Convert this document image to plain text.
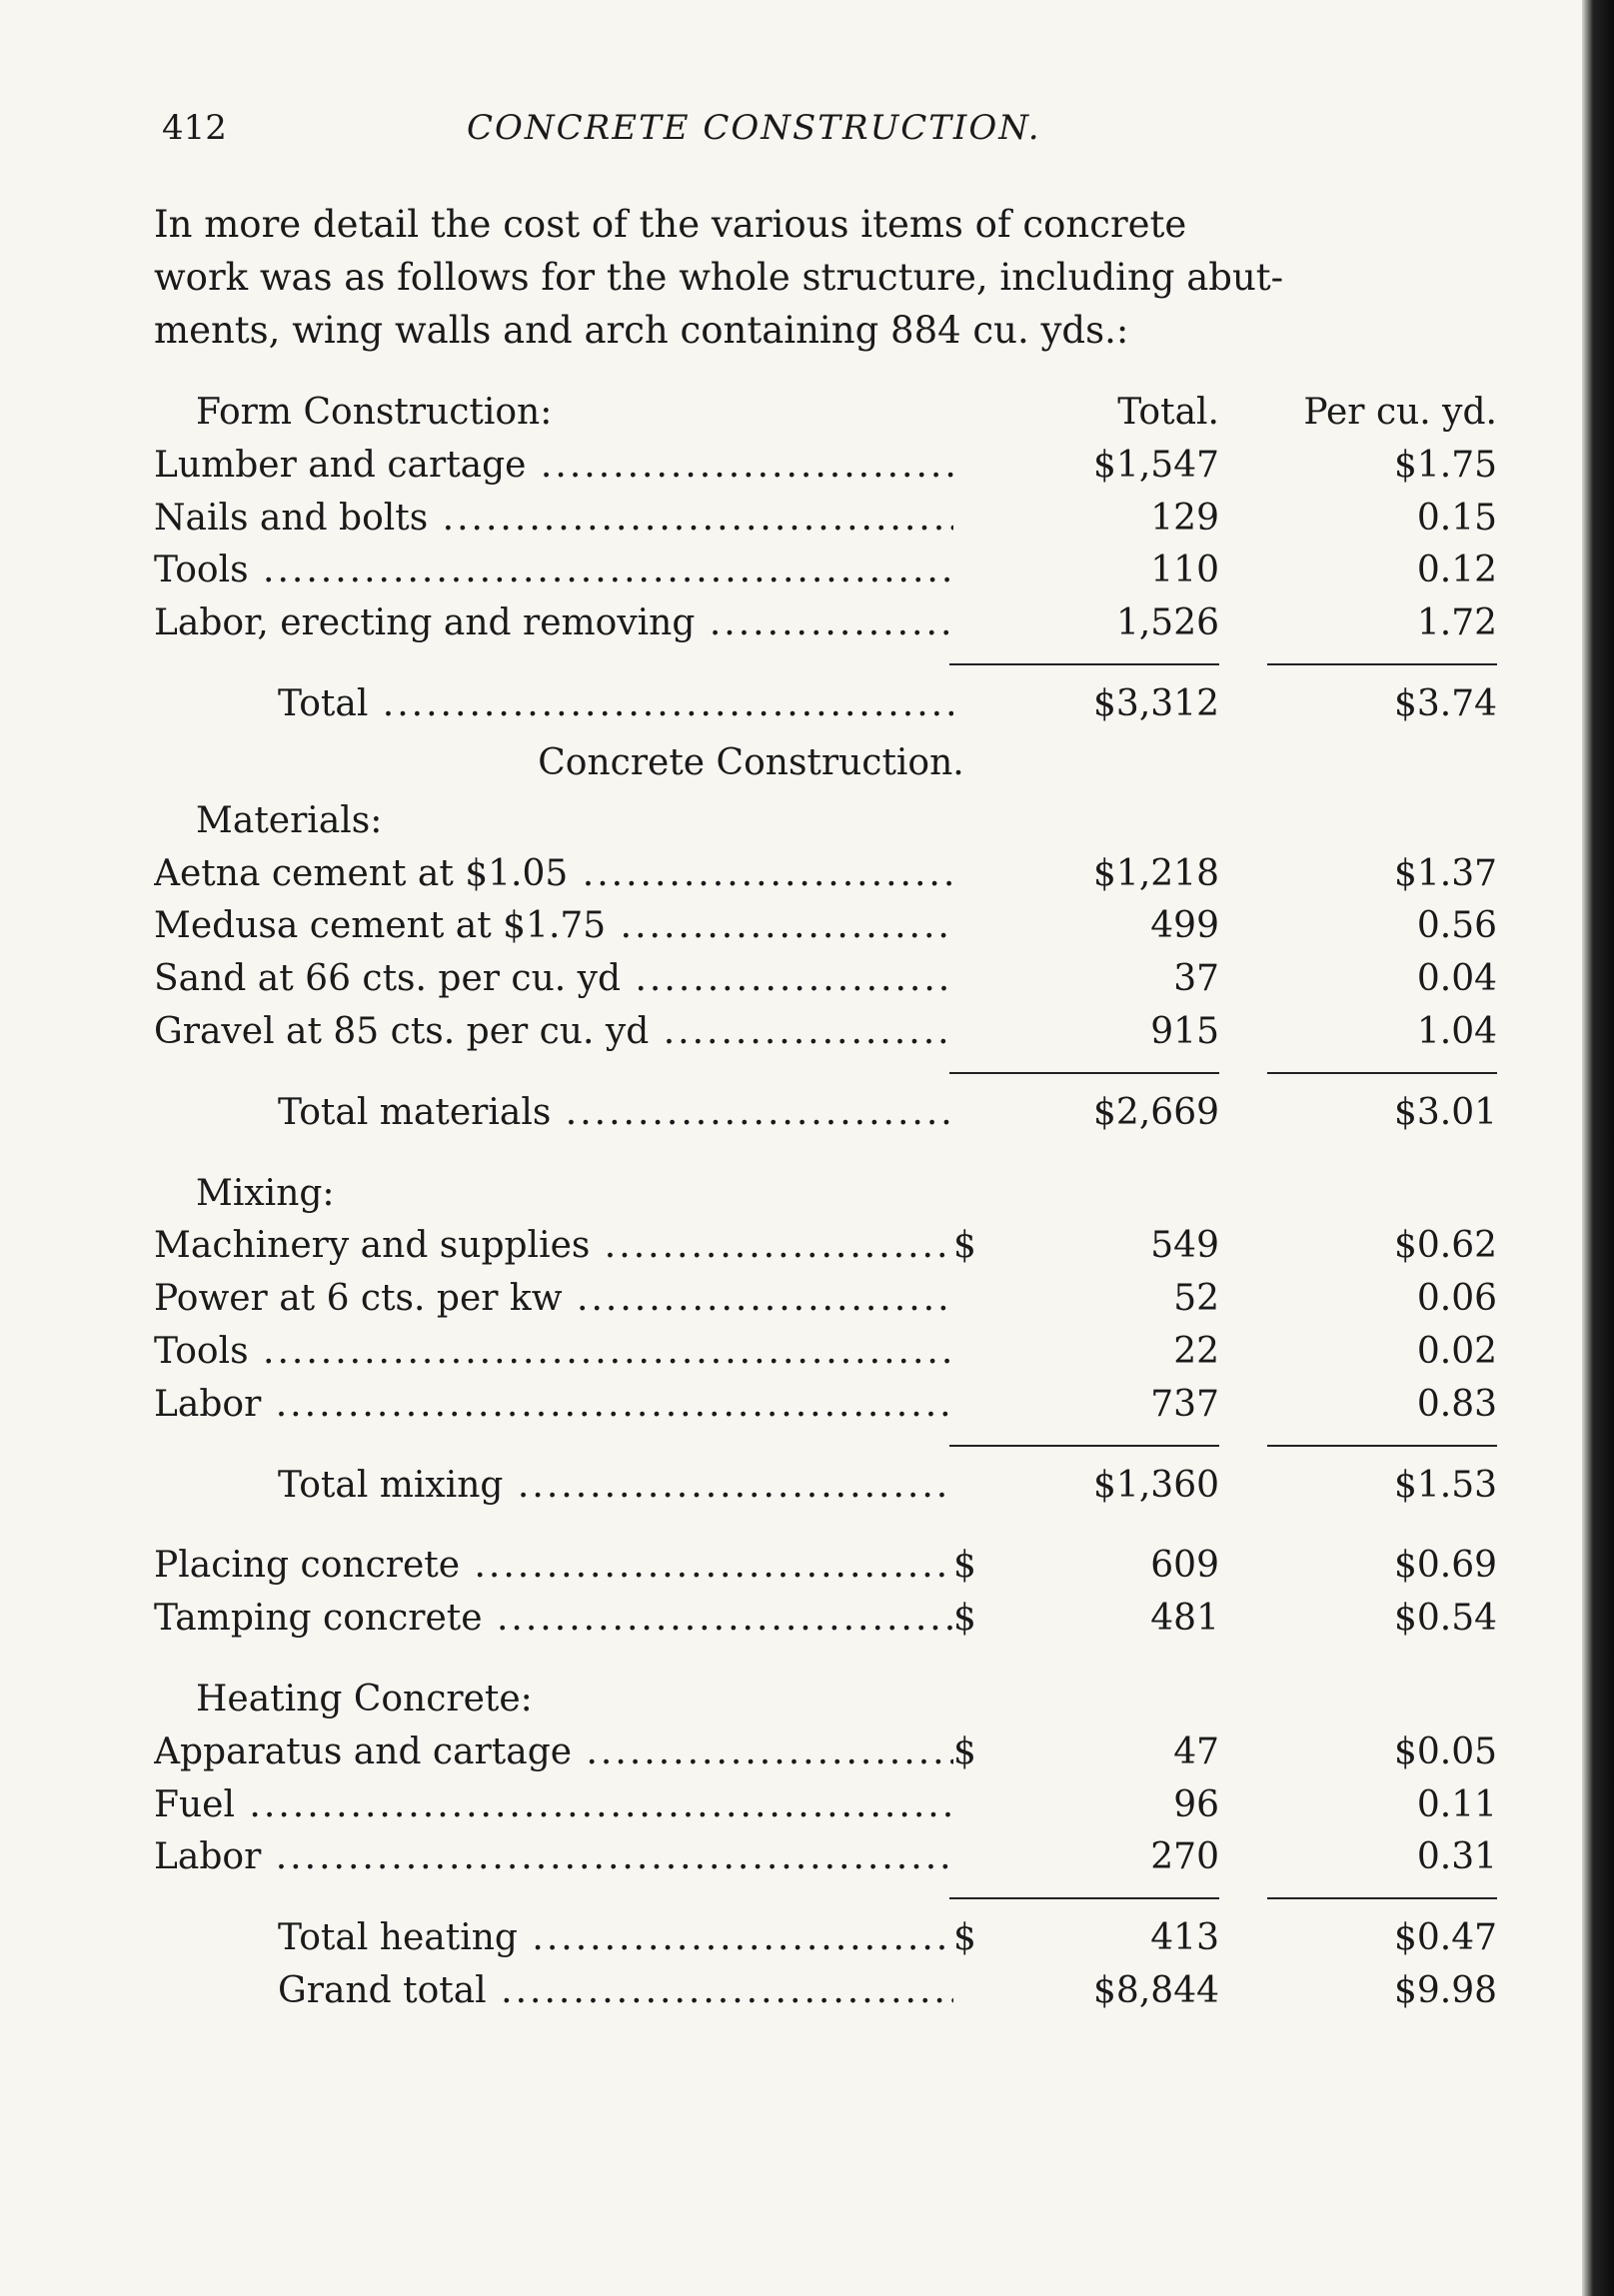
412	CONCRETE CONSTRUCTION.

In more detail the cost of the various items of concrete
work was as follows for the whole structure, including abut-
ments, wing walls and arch containing 884 cu. yds.:

Form Construction:	Total.	Per cu. yd.
Lumber and cartage .....	$1,547	$1.75
Nails and bolts .....	129	0.15
Tools .....	110	0.12
Labor, erecting and removing .....	1,526	1.72
Total .....	$3,312	$3.74
Concrete Construction.
Materials:
Aetna cement at $1.05 .....	$1,218	$1.37
Medusa cement at $1.75 .....	499	0.56
Sand at 66 cts. per cu. yd .....	37	0.04
Gravel at 85 cts. per cu. yd .....	915	1.04
Total materials .....	$2,669	$3.01
Mixing:
Machinery and supplies .....	$	549	$0.62
Power at 6 cts. per kw .....	52	0.06
Tools .....	22	0.02
Labor .....	737	0.83
Total mixing .....	$1,360	$1.53
Placing concrete .....	$	609	$0.69
Tamping concrete .....	$	481	$0.54
Heating Concrete:
Apparatus and cartage .....	$	47	$0.05
Fuel .....	96	0.11
Labor .....	270	0.31
Total heating .....	$	413	$0.47
Grand total .....	$8,844	$9.98
